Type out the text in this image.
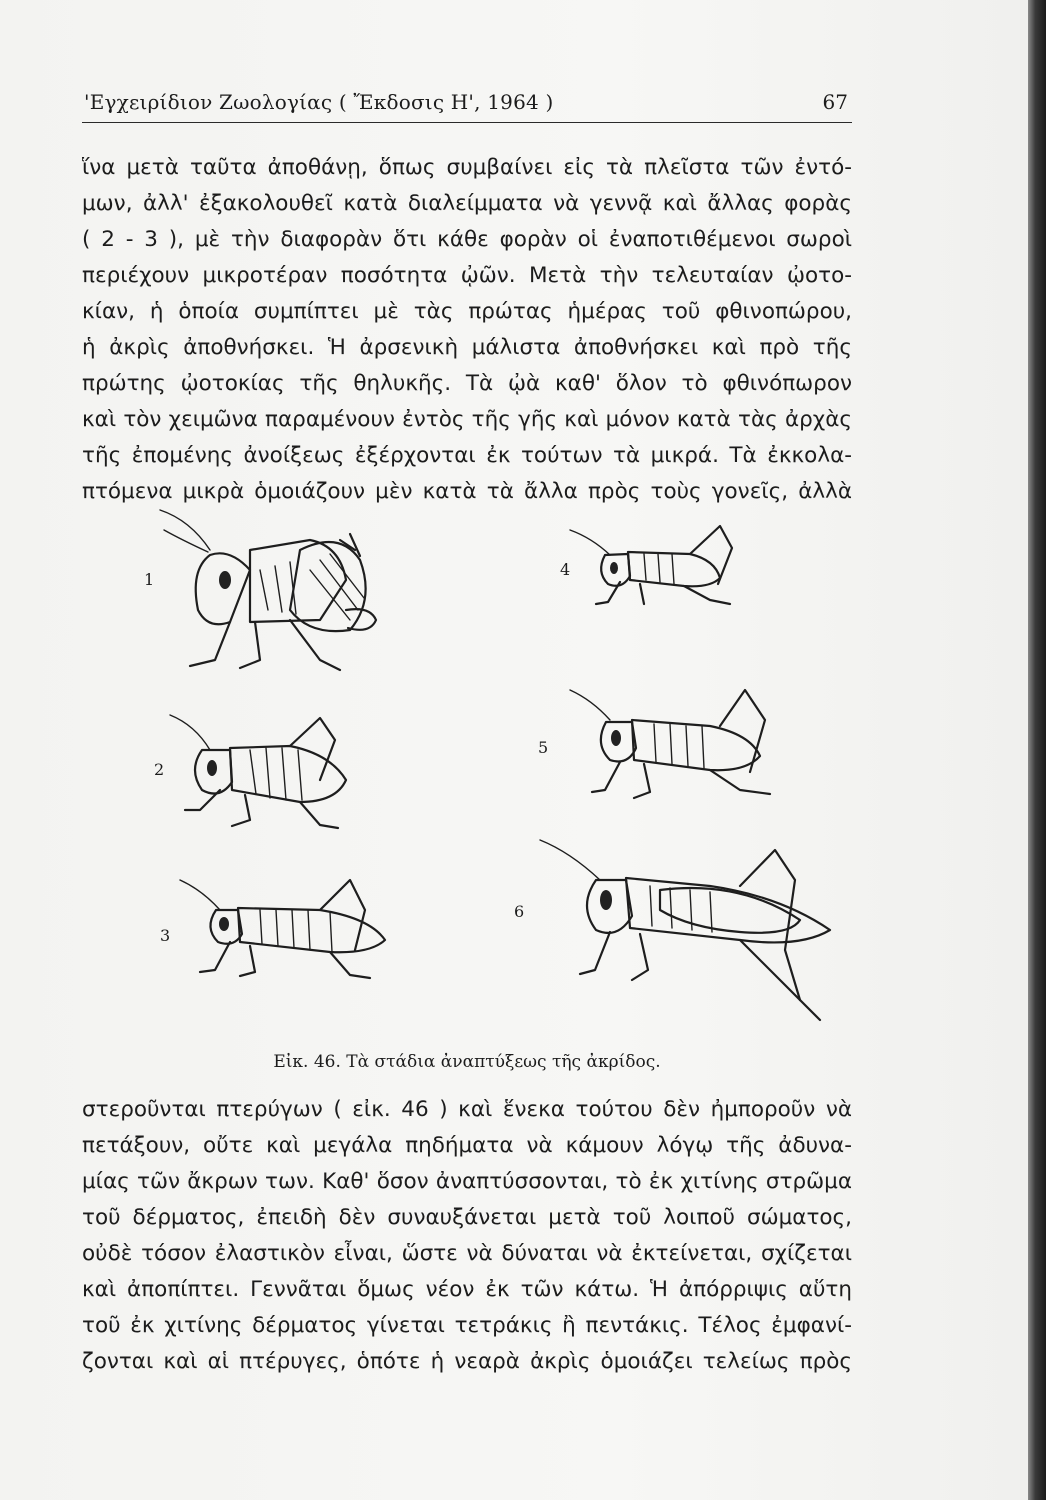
'Εγχειρίδιον Ζωολογίας ( Ἔκδοσις Η', 1964 )	67
ἵνα μετὰ ταῦτα ἀποθάνῃ, ὅπως συμβαίνει εἰς τὰ πλεῖστα τῶν ἐντό-
μων, ἀλλ' ἐξακολουθεῖ κατὰ διαλείμματα νὰ γεννᾷ καὶ ἄλλας φορὰς
( 2 - 3 ), μὲ τὴν διαφορὰν ὅτι κάθε φορὰν οἱ ἐναποτιθέμενοι σωροὶ
περιέχουν μικροτέραν ποσότητα ᾠῶν. Μετὰ τὴν τελευταίαν ᾠοτο-
κίαν, ἡ ὁποία συμπίπτει μὲ τὰς πρώτας ἡμέρας τοῦ φθινοπώρου,
ἡ ἀκρὶς ἀποθνήσκει. Ἡ ἀρσενικὴ μάλιστα ἀποθνήσκει καὶ πρὸ τῆς
πρώτης ᾠοτοκίας τῆς θηλυκῆς. Τὰ ᾠὰ καθ' ὅλον τὸ φθινόπωρον
καὶ τὸν χειμῶνα παραμένουν ἐντὸς τῆς γῆς καὶ μόνον κατὰ τὰς ἀρχὰς
τῆς ἐπομένης ἀνοίξεως ἐξέρχονται ἐκ τούτων τὰ μικρά. Τὰ ἐκκολα-
πτόμενα μικρὰ ὁμοιάζουν μὲν κατὰ τὰ ἄλλα πρὸς τοὺς γονεῖς, ἀλλὰ
1
2
3
4
5
6
Εἰκ. 46. Τὰ στάδια ἀναπτύξεως τῆς ἀκρίδος.
στεροῦνται πτερύγων ( εἰκ. 46 ) καὶ ἕνεκα τούτου δὲν ἠμποροῦν νὰ
πετάξουν, οὔτε καὶ μεγάλα πηδήματα νὰ κάμουν λόγῳ τῆς ἀδυνα-
μίας τῶν ἄκρων των. Καθ' ὅσον ἀναπτύσσονται, τὸ ἐκ χιτίνης στρῶμα
τοῦ δέρματος, ἐπειδὴ δὲν συναυξάνεται μετὰ τοῦ λοιποῦ σώματος,
οὐδὲ τόσον ἐλαστικὸν εἶναι, ὥστε νὰ δύναται νὰ ἐκτείνεται, σχίζεται
καὶ ἀποπίπτει. Γεννᾶται ὅμως νέον ἐκ τῶν κάτω. Ἡ ἀπόρριψις αὕτη
τοῦ ἐκ χιτίνης δέρματος γίνεται τετράκις ἢ πεντάκις. Τέλος ἐμφανί-
ζονται καὶ αἱ πτέρυγες, ὁπότε ἡ νεαρὰ ἀκρὶς ὁμοιάζει τελείως πρὸς
